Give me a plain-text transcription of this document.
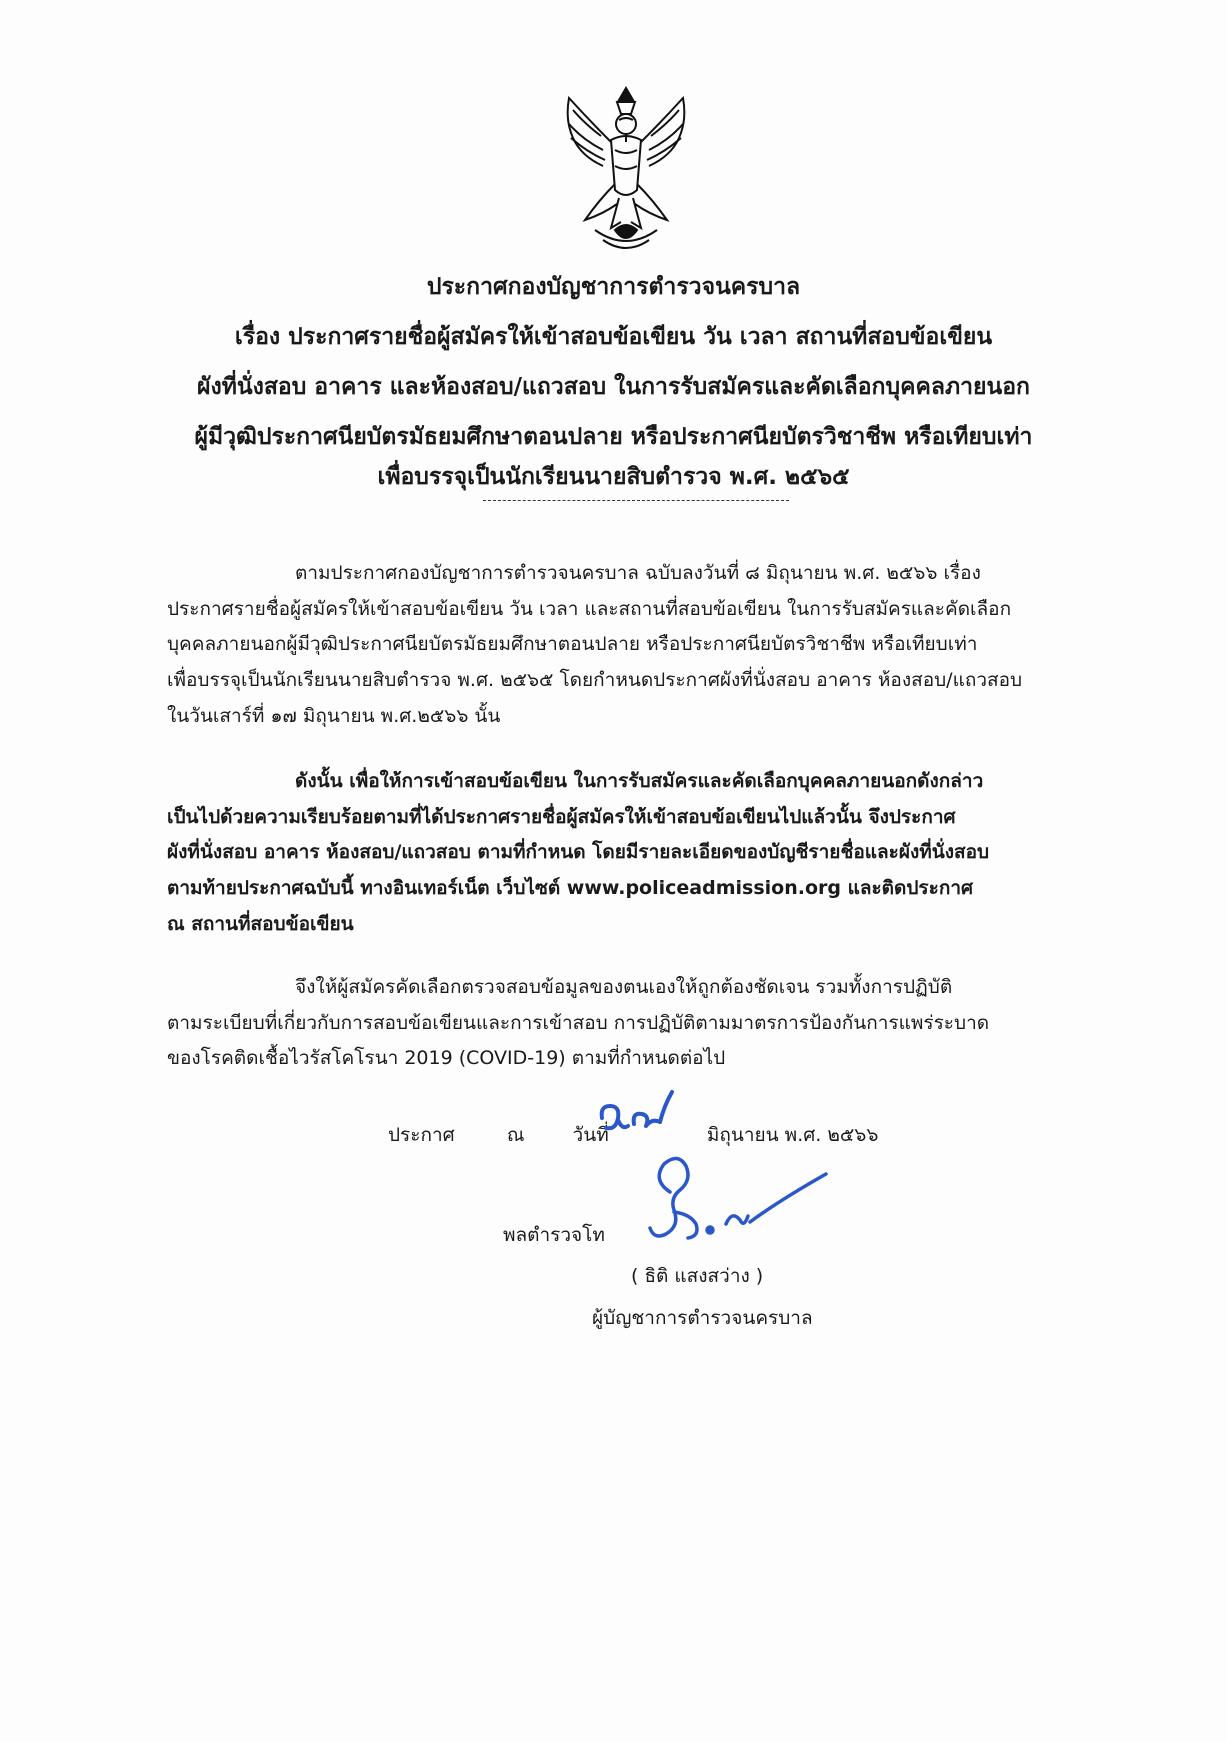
ประกาศกองบัญชาการตำรวจนครบาล
เรื่อง ประกาศรายชื่อผู้สมัครให้เข้าสอบข้อเขียน วัน เวลา สถานที่สอบข้อเขียน
ผังที่นั่งสอบ อาคาร และห้องสอบ/แถวสอบ ในการรับสมัครและคัดเลือกบุคคลภายนอก
ผู้มีวุฒิประกาศนียบัตรมัธยมศึกษาตอนปลาย หรือประกาศนียบัตรวิชาชีพ หรือเทียบเท่า
เพื่อบรรจุเป็นนักเรียนนายสิบตำรวจ พ.ศ. ๒๕๖๕
ตามประกาศกองบัญชาการตำรวจนครบาล ฉบับลงวันที่ ๘ มิถุนายน พ.ศ. ๒๕๖๖ เรื่อง
ประกาศรายชื่อผู้สมัครให้เข้าสอบข้อเขียน วัน เวลา และสถานที่สอบข้อเขียน ในการรับสมัครและคัดเลือก
บุคคลภายนอกผู้มีวุฒิประกาศนียบัตรมัธยมศึกษาตอนปลาย หรือประกาศนียบัตรวิชาชีพ หรือเทียบเท่า
เพื่อบรรจุเป็นนักเรียนนายสิบตำรวจ พ.ศ. ๒๕๖๕ โดยกำหนดประกาศผังที่นั่งสอบ อาคาร ห้องสอบ/แถวสอบ
ในวันเสาร์ที่ ๑๗ มิถุนายน พ.ศ.๒๕๖๖ นั้น
ดังนั้น เพื่อให้การเข้าสอบข้อเขียน ในการรับสมัครและคัดเลือกบุคคลภายนอกดังกล่าว
เป็นไปด้วยความเรียบร้อยตามที่ได้ประกาศรายชื่อผู้สมัครให้เข้าสอบข้อเขียนไปแล้วนั้น จึงประกาศ
ผังที่นั่งสอบ อาคาร ห้องสอบ/แถวสอบ ตามที่กำหนด โดยมีรายละเอียดของบัญชีรายชื่อและผังที่นั่งสอบ
ตามท้ายประกาศฉบับนี้ ทางอินเทอร์เน็ต เว็บไซต์ www.policeadmission.org และติดประกาศ
ณ สถานที่สอบข้อเขียน
จึงให้ผู้สมัครคัดเลือกตรวจสอบข้อมูลของตนเองให้ถูกต้องชัดเจน รวมทั้งการปฏิบัติ
ตามระเบียบที่เกี่ยวกับการสอบข้อเขียนและการเข้าสอบ การปฏิบัติตามมาตรการป้องกันการแพร่ระบาด
ของโรคติดเชื้อไวรัสโคโรนา 2019 (COVID-19) ตามที่กำหนดต่อไป
ประกาศ	ณ	วันที่	มิถุนายน พ.ศ. ๒๕๖๖
พลตำรวจโท
( ธิติ แสงสว่าง )
ผู้บัญชาการตำรวจนครบาล
